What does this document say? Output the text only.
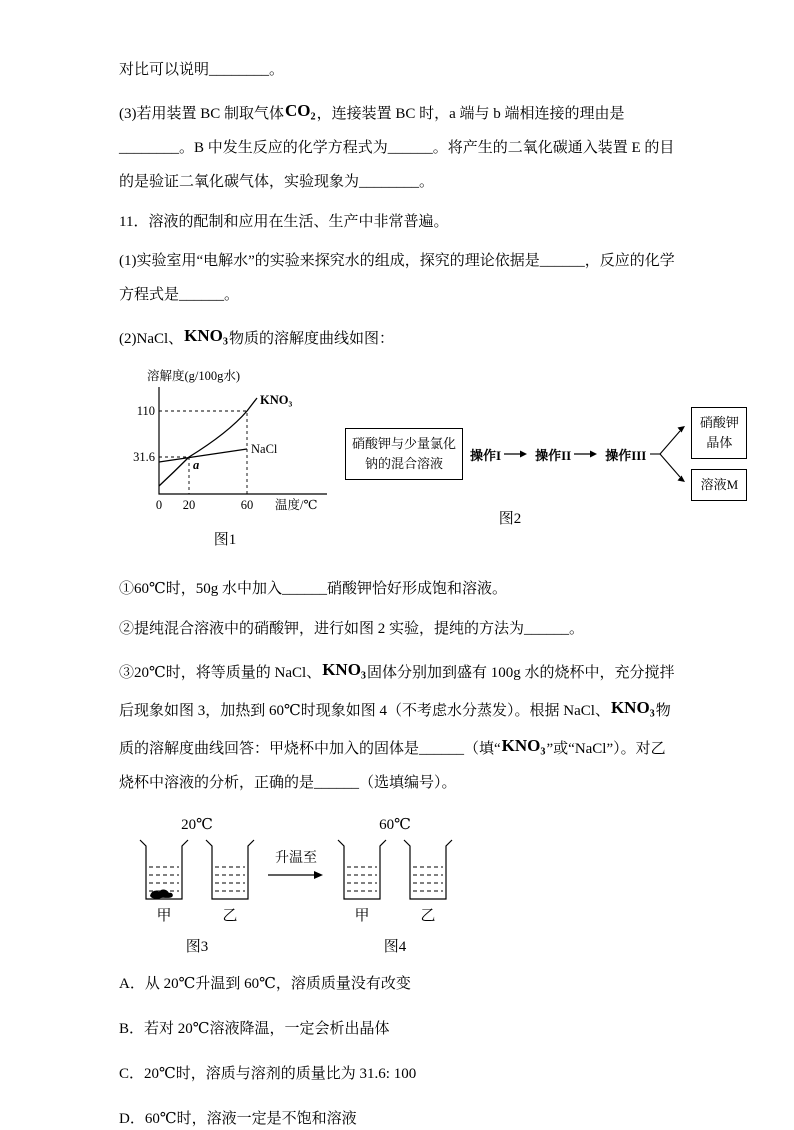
对比可以说明________。

(3)若用装置 BC 制取气体CO₂，连接装置 BC 时，a 端与 b 端相连接的理由是________。B 中发生反应的化学方程式为______。将产生的二氧化碳通入装置 E 的目的是验证二氧化碳气体，实验现象为________。

11．溶液的配制和应用在生活、生产中非常普遍。

(1)实验室用“电解水”的实验来探究水的组成，探究的理论依据是______，反应的化学方程式是______。

(2)NaCl、KNO₃物质的溶解度曲线如图：

溶解度(g/100g水)
KNO₃
NaCl
a
110
31.6
0 20	60 温度/℃
图1
硝酸钾与少量氯化钠的混合溶液
操作I	操作II	操作III
硝酸钾晶体
溶液M
图2

①60℃时，50g 水中加入______硝酸钾恰好形成饱和溶液。

②提纯混合溶液中的硝酸钾，进行如图 2 实验，提纯的方法为______。

③20℃时，将等质量的 NaCl、KNO₃固体分别加到盛有 100g 水的烧杯中，充分搅拌后现象如图 3，加热到 60℃时现象如图 4（不考虑水分蒸发）。根据 NaCl、KNO₃物质的溶解度曲线回答：甲烧杯中加入的固体是______（填“KNO₃”或“NaCl”）。对乙烧杯中溶液的分析，正确的是______（选填编号）。

20℃
甲	乙
图3
升温至
60℃
甲	乙
图4

A．从 20℃升温到 60℃，溶质质量没有改变

B．若对 20℃溶液降温，一定会析出晶体

C．20℃时，溶质与溶剂的质量比为 31.6: 100

D．60℃时，溶液一定是不饱和溶液
